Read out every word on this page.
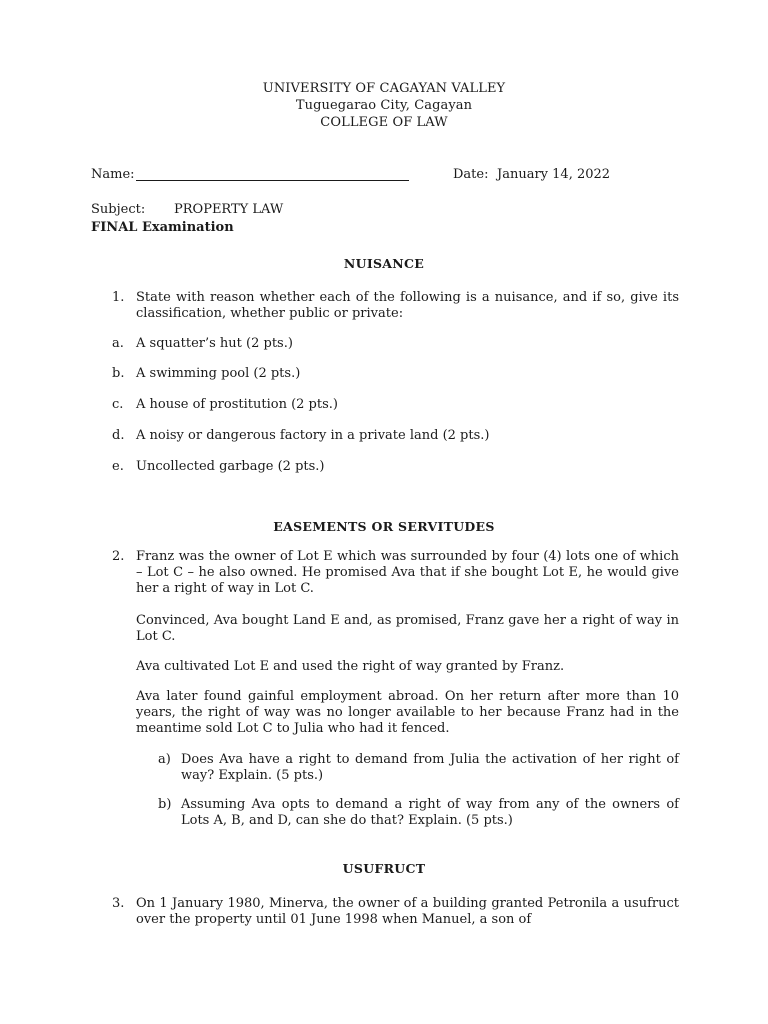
UNIVERSITY OF CAGAYAN VALLEY
Tuguegarao City, Cagayan
COLLEGE OF LAW
Name:	Date: January 14, 2022
Subject: PROPERTY LAW
FINAL Examination
NUISANCE
1. State with reason whether each of the following is a nuisance, and if so, give its classification, whether public or private:
a. A squatter’s hut (2 pts.)
b. A swimming pool (2 pts.)
c. A house of prostitution (2 pts.)
d. A noisy or dangerous factory in a private land (2 pts.)
e. Uncollected garbage (2 pts.)
EASEMENTS OR SERVITUDES
2. Franz was the owner of Lot E which was surrounded by four (4) lots one of which – Lot C – he also owned. He promised Ava that if she bought Lot E, he would give her a right of way in Lot C.
Convinced, Ava bought Land E and, as promised, Franz gave her a right of way in Lot C.
Ava cultivated Lot E and used the right of way granted by Franz.
Ava later found gainful employment abroad. On her return after more than 10 years, the right of way was no longer available to her because Franz had in the meantime sold Lot C to Julia who had it fenced.
a) Does Ava have a right to demand from Julia the activation of her right of way? Explain. (5 pts.)
b) Assuming Ava opts to demand a right of way from any of the owners of Lots A, B, and D, can she do that? Explain. (5 pts.)
USUFRUCT
3. On 1 January 1980, Minerva, the owner of a building granted Petronila a usufruct over the property until 01 June 1998 when Manuel, a son of
